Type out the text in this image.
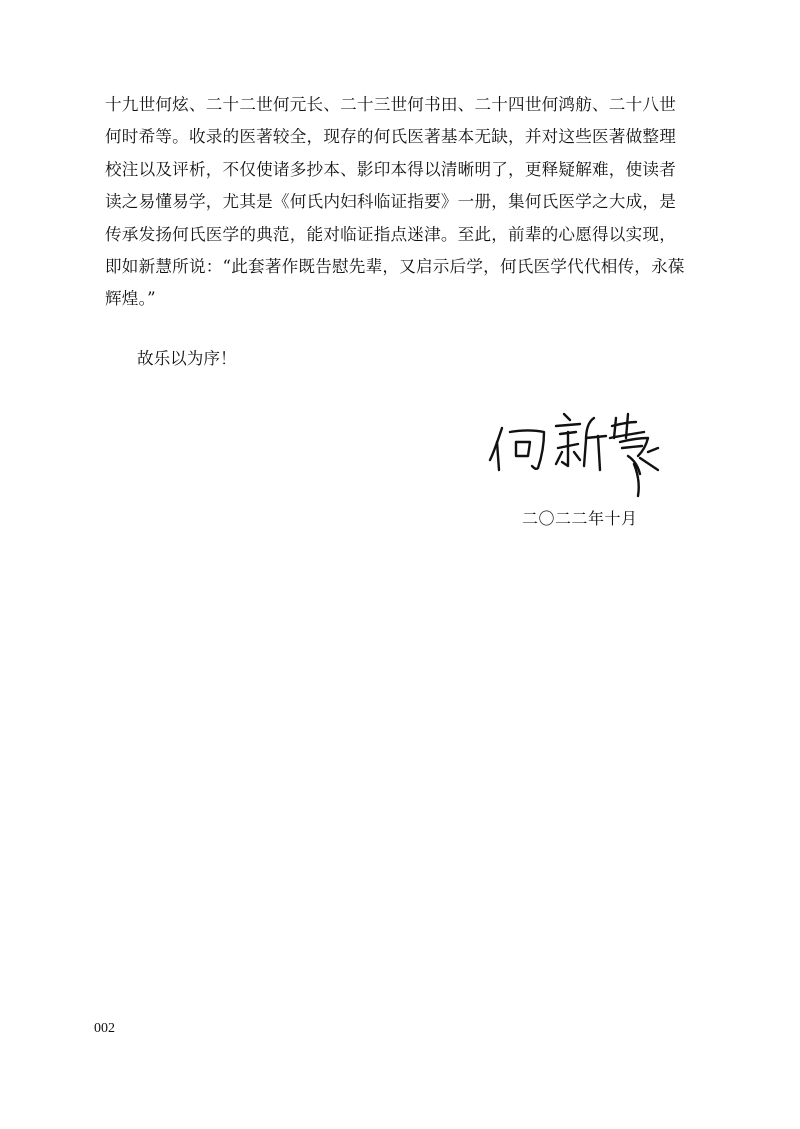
十九世何炫、二十二世何元长、二十三世何书田、二十四世何鸿舫、二十八世
何时希等。收录的医著较全，现存的何氏医著基本无缺，并对这些医著做整理
校注以及评析，不仅使诸多抄本、影印本得以清晰明了，更释疑解难，使读者
读之易懂易学，尤其是《何氏内妇科临证指要》一册，集何氏医学之大成，是
传承发扬何氏医学的典范，能对临证指点迷津。至此，前辈的心愿得以实现，
即如新慧所说：“此套著作既告慰先辈，又启示后学，何氏医学代代相传，永葆
辉煌。”
故乐以为序！
二〇二二年十月
002
